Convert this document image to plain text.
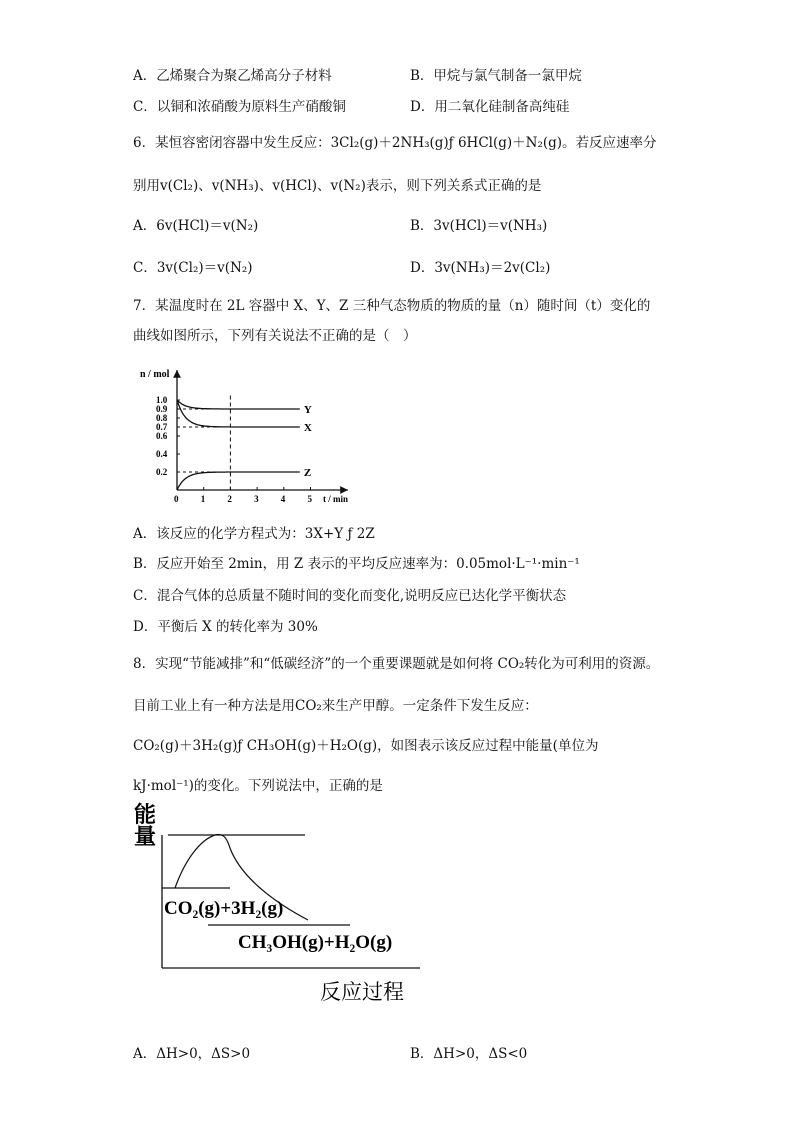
A．乙烯聚合为聚乙烯高分子材料	B．甲烷与氯气制备一氯甲烷
C．以铜和浓硝酸为原料生产硝酸铜	D．用二氧化硅制备高纯硅
6．某恒容密闭容器中发生反应：3Cl₂(g)＋2NH₃(g)ƒ 6HCl(g)＋N₂(g)。若反应速率分
别用v(Cl₂)、v(NH₃)、v(HCl)、v(N₂)表示，则下列关系式正确的是
A．6v(HCl)＝v(N₂)	B．3v(HCl)＝v(NH₃)
C．3v(Cl₂)＝v(N₂)	D．3v(NH₃)＝2v(Cl₂)
7．某温度时在 2L 容器中 X、Y、Z 三种气态物质的物质的量（n）随时间（t）变化的
曲线如图所示，下列有关说法不正确的是（　）
n / mol
t / min
0 1 2 3 4 5
0.2
0.4
0.6
0.7
0.8
0.9
1.0
Y
X
Z
A．该反应的化学方程式为：3X+Y ƒ 2Z
B．反应开始至 2min，用 Z 表示的平均反应速率为：0.05mol·L⁻¹·min⁻¹
C．混合气体的总质量不随时间的变化而变化,说明反应已达化学平衡状态
D．平衡后 X 的转化率为 30%
8．实现“节能减排”和“低碳经济”的一个重要课题就是如何将 CO₂转化为可利用的资源。
目前工业上有一种方法是用CO₂来生产甲醇。一定条件下发生反应：
CO₂(g)＋3H₂(g)ƒ CH₃OH(g)＋H₂O(g)，如图表示该反应过程中能量(单位为
kJ·mol⁻¹)的变化。下列说法中，正确的是
能
量
CO₂(g)+3H₂(g)
CH₃OH(g)+H₂O(g)
反应过程
A．ΔH>0，ΔS>0	B．ΔH>0，ΔS<0
